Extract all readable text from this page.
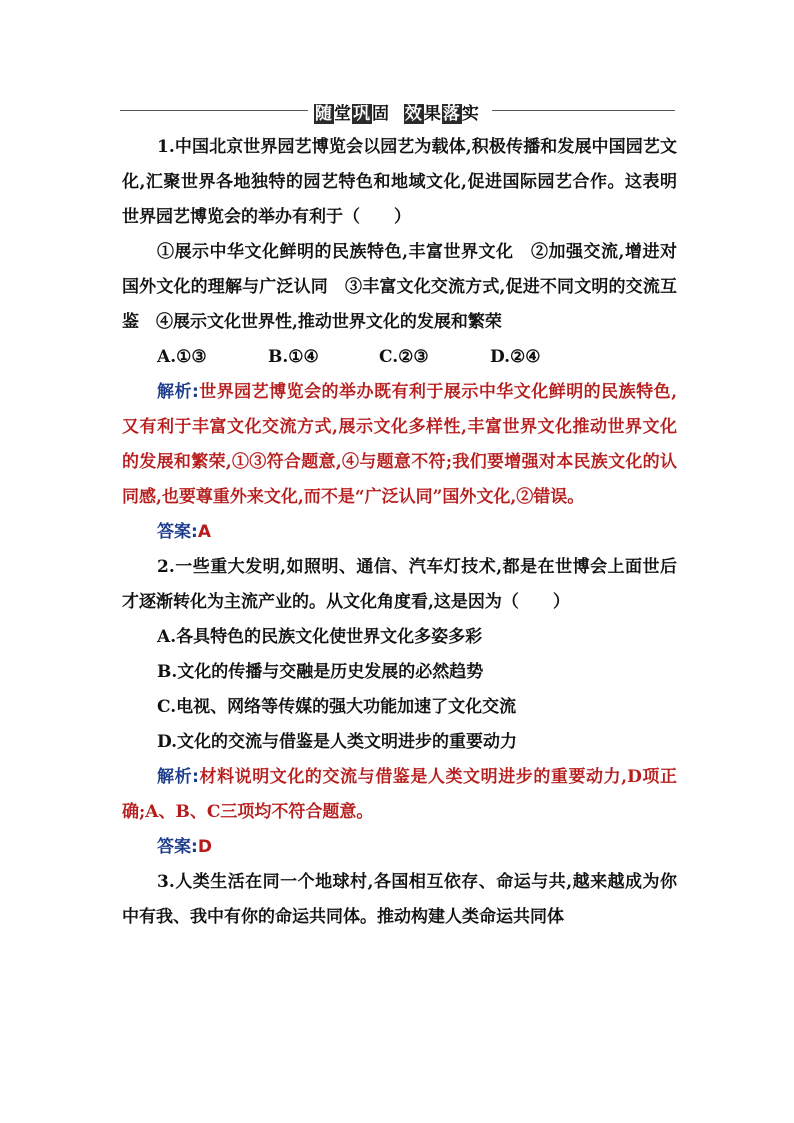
随堂巩固 效果落实

1.中国北京世界园艺博览会以园艺为载体,积极传播和发展中国园艺文化,汇聚世界各地独特的园艺特色和地域文化,促进国际园艺合作。这表明世界园艺博览会的举办有利于（　　）

①展示中华文化鲜明的民族特色,丰富世界文化　②加强交流,增进对国外文化的理解与广泛认同　③丰富文化交流方式,促进不同文明的交流互鉴　④展示文化世界性,推动世界文化的发展和繁荣

A.①③	B.①④	C.②③	D.②④

解析:世界园艺博览会的举办既有利于展示中华文化鲜明的民族特色,又有利于丰富文化交流方式,展示文化多样性,丰富世界文化推动世界文化的发展和繁荣,①③符合题意,④与题意不符;我们要增强对本民族文化的认同感,也要尊重外来文化,而不是“广泛认同”国外文化,②错误。

答案:A

2.一些重大发明,如照明、通信、汽车灯技术,都是在世博会上面世后才逐渐转化为主流产业的。从文化角度看,这是因为（　　）

A.各具特色的民族文化使世界文化多姿多彩

B.文化的传播与交融是历史发展的必然趋势

C.电视、网络等传媒的强大功能加速了文化交流

D.文化的交流与借鉴是人类文明进步的重要动力

解析:材料说明文化的交流与借鉴是人类文明进步的重要动力,D项正确;A、B、C三项均不符合题意。

答案:D

3.人类生活在同一个地球村,各国相互依存、命运与共,越来越成为你中有我、我中有你的命运共同体。推动构建人类命运共同体
